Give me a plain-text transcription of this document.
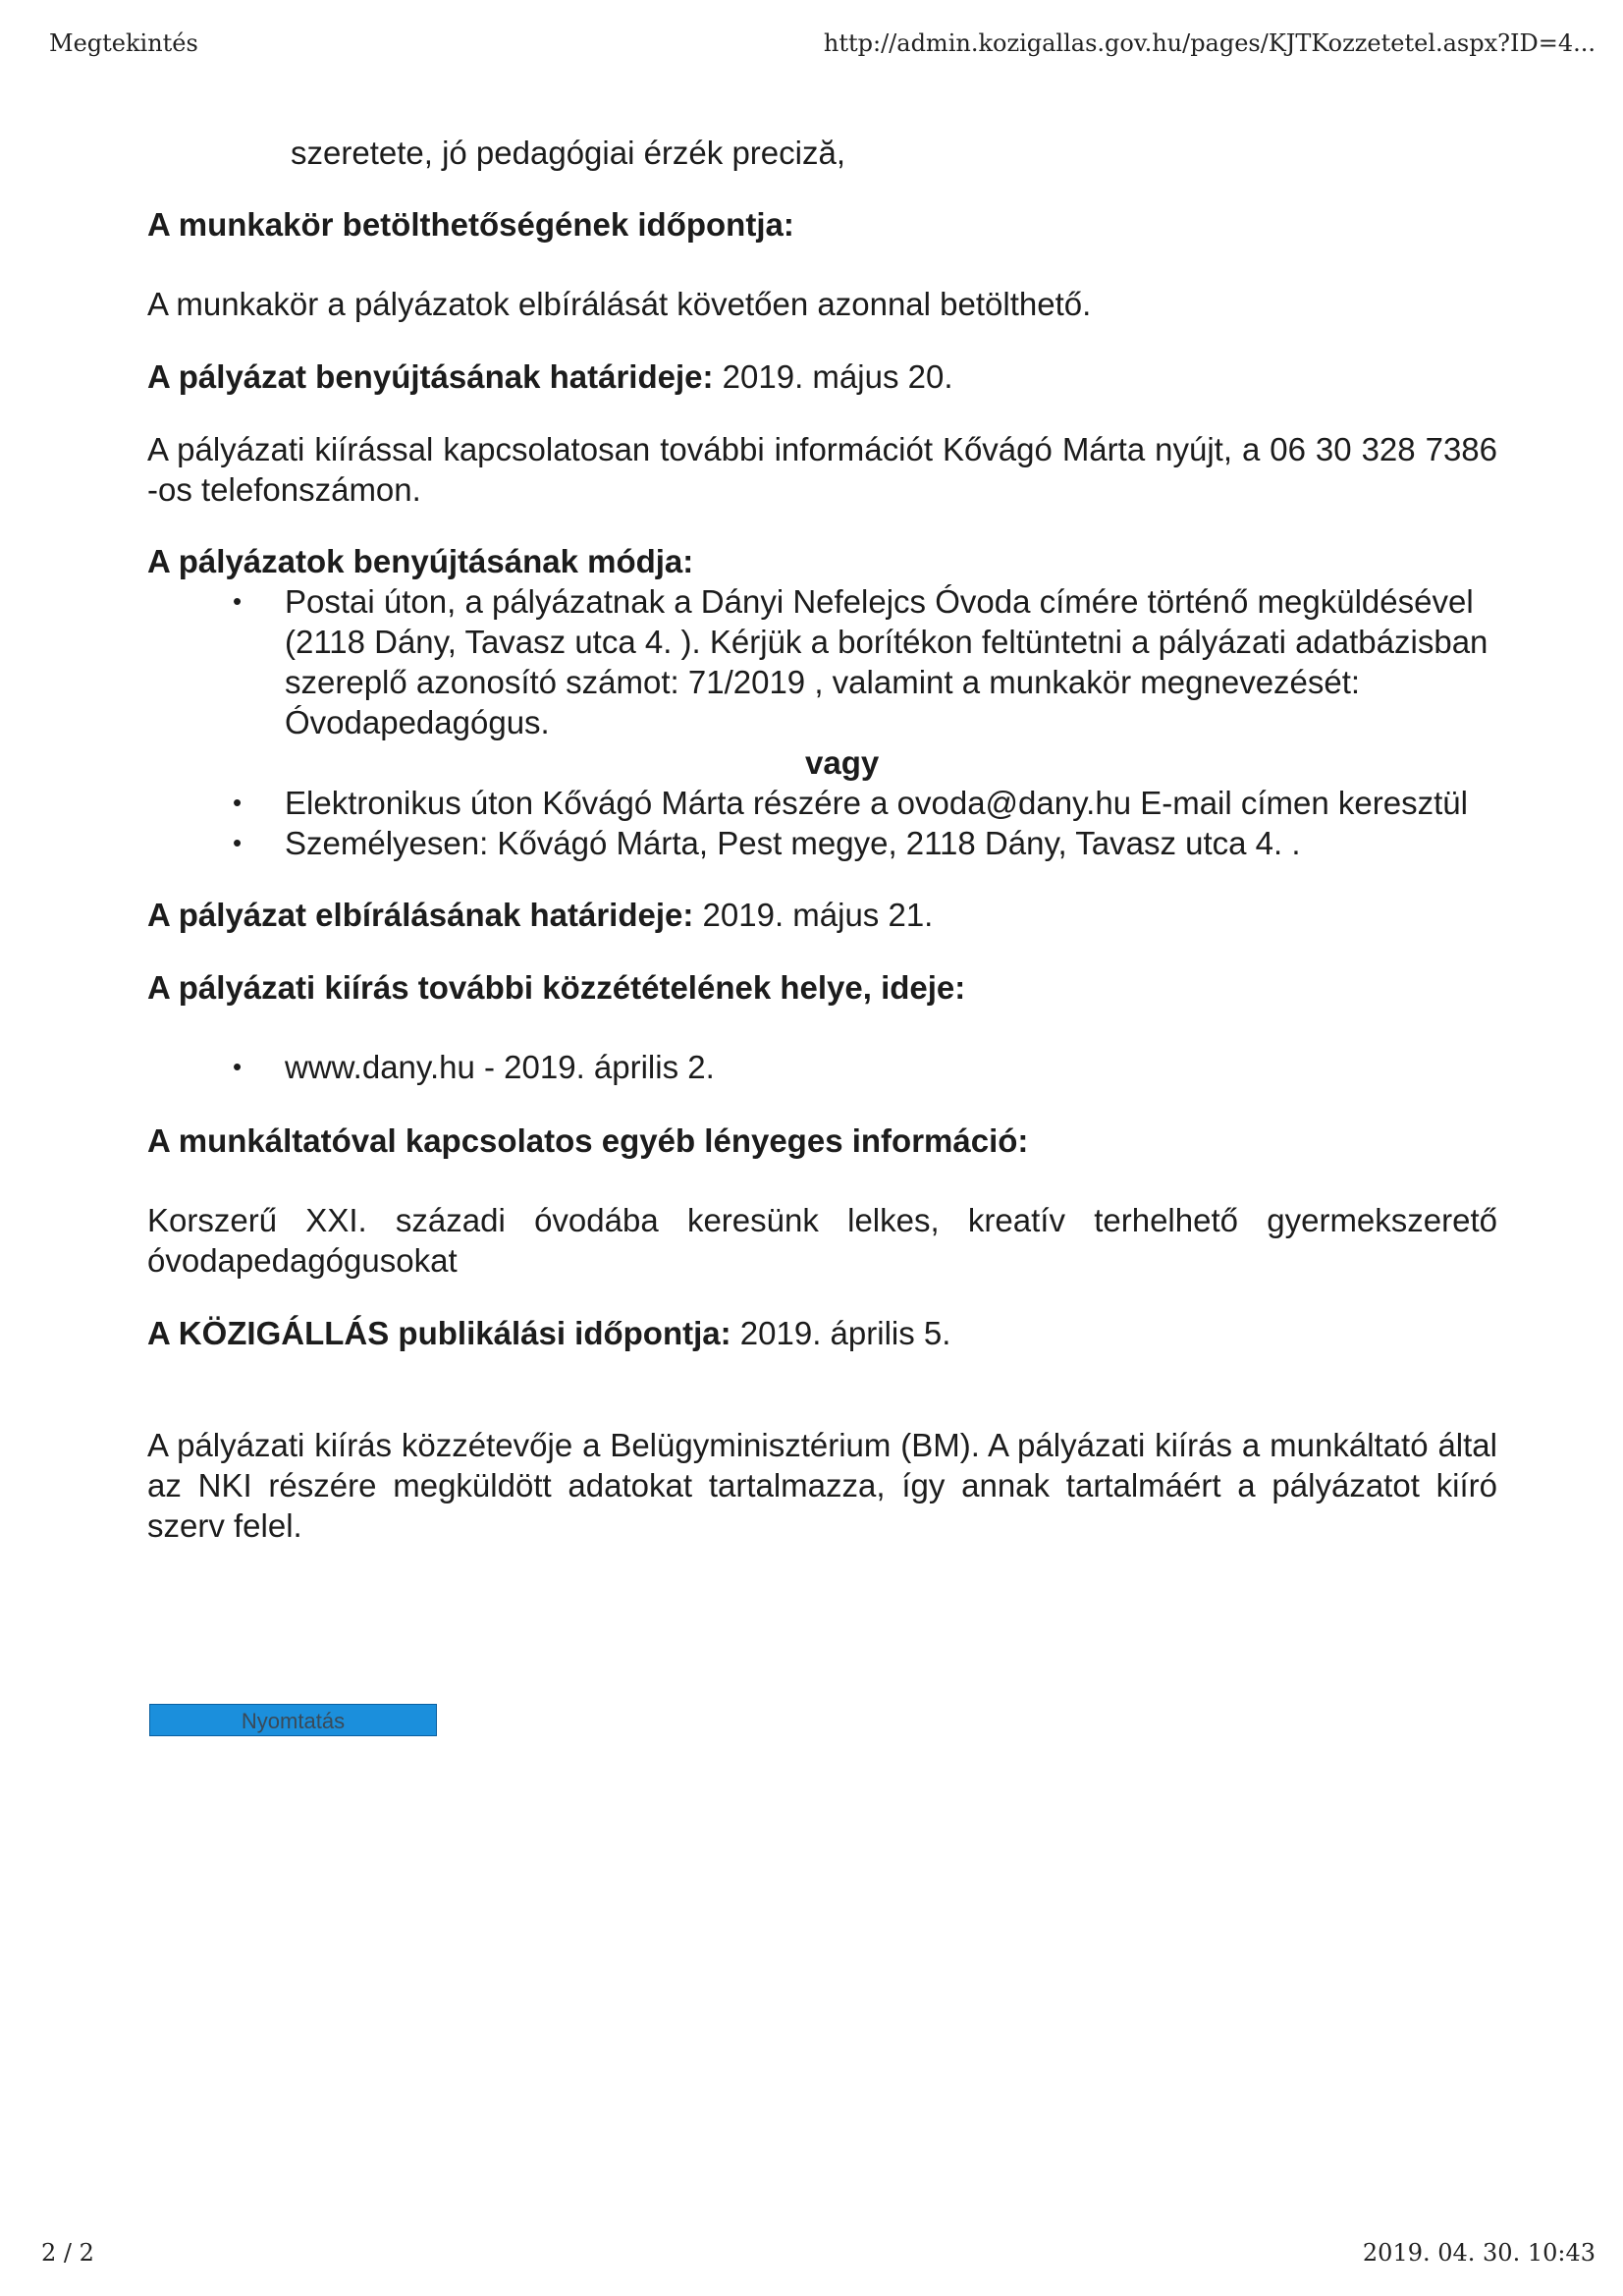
Megtekintés	http://admin.kozigallas.gov.hu/pages/KJTKozzetetel.aspx?ID=4...

szeretete, jó pedagógiai érzék preciză,

A munkakör betölthetőségének időpontja:

A munkakör a pályázatok elbírálását követően azonnal betölthető.

A pályázat benyújtásának határideje: 2019. május 20.

A pályázati kiírással kapcsolatosan további információt Kővágó Márta nyújt, a 06 30 328 7386 -os telefonszámon.

A pályázatok benyújtásának módja:

• Postai úton, a pályázatnak a Dányi Nefelejcs Óvoda címére történő megküldésével (2118 Dány, Tavasz utca 4. ). Kérjük a borítékon feltüntetni a pályázati adatbázisban szereplő azonosító számot: 71/2019 , valamint a munkakör megnevezését: Óvodapedagógus.

vagy

• Elektronikus úton Kővágó Márta részére a ovoda@dany.hu E-mail címen keresztül
• Személyesen: Kővágó Márta, Pest megye, 2118 Dány, Tavasz utca 4. .

A pályázat elbírálásának határideje: 2019. május 21.

A pályázati kiírás további közzétételének helye, ideje:

• www.dany.hu - 2019. április 2.

A munkáltatóval kapcsolatos egyéb lényeges információ:

Korszerű XXI. századi óvodába keresünk lelkes, kreatív terhelhető gyermekszerető óvodapedagógusokat

A KÖZIGÁLLÁS publikálási időpontja: 2019. április 5.

A pályázati kiírás közzétevője a Belügyminisztérium (BM). A pályázati kiírás a munkáltató által az NKI részére megküldött adatokat tartalmazza, így annak tartalmáért a pályázatot kiíró szerv felel.

Nyomtatás
2 / 2	2019. 04. 30. 10:43
